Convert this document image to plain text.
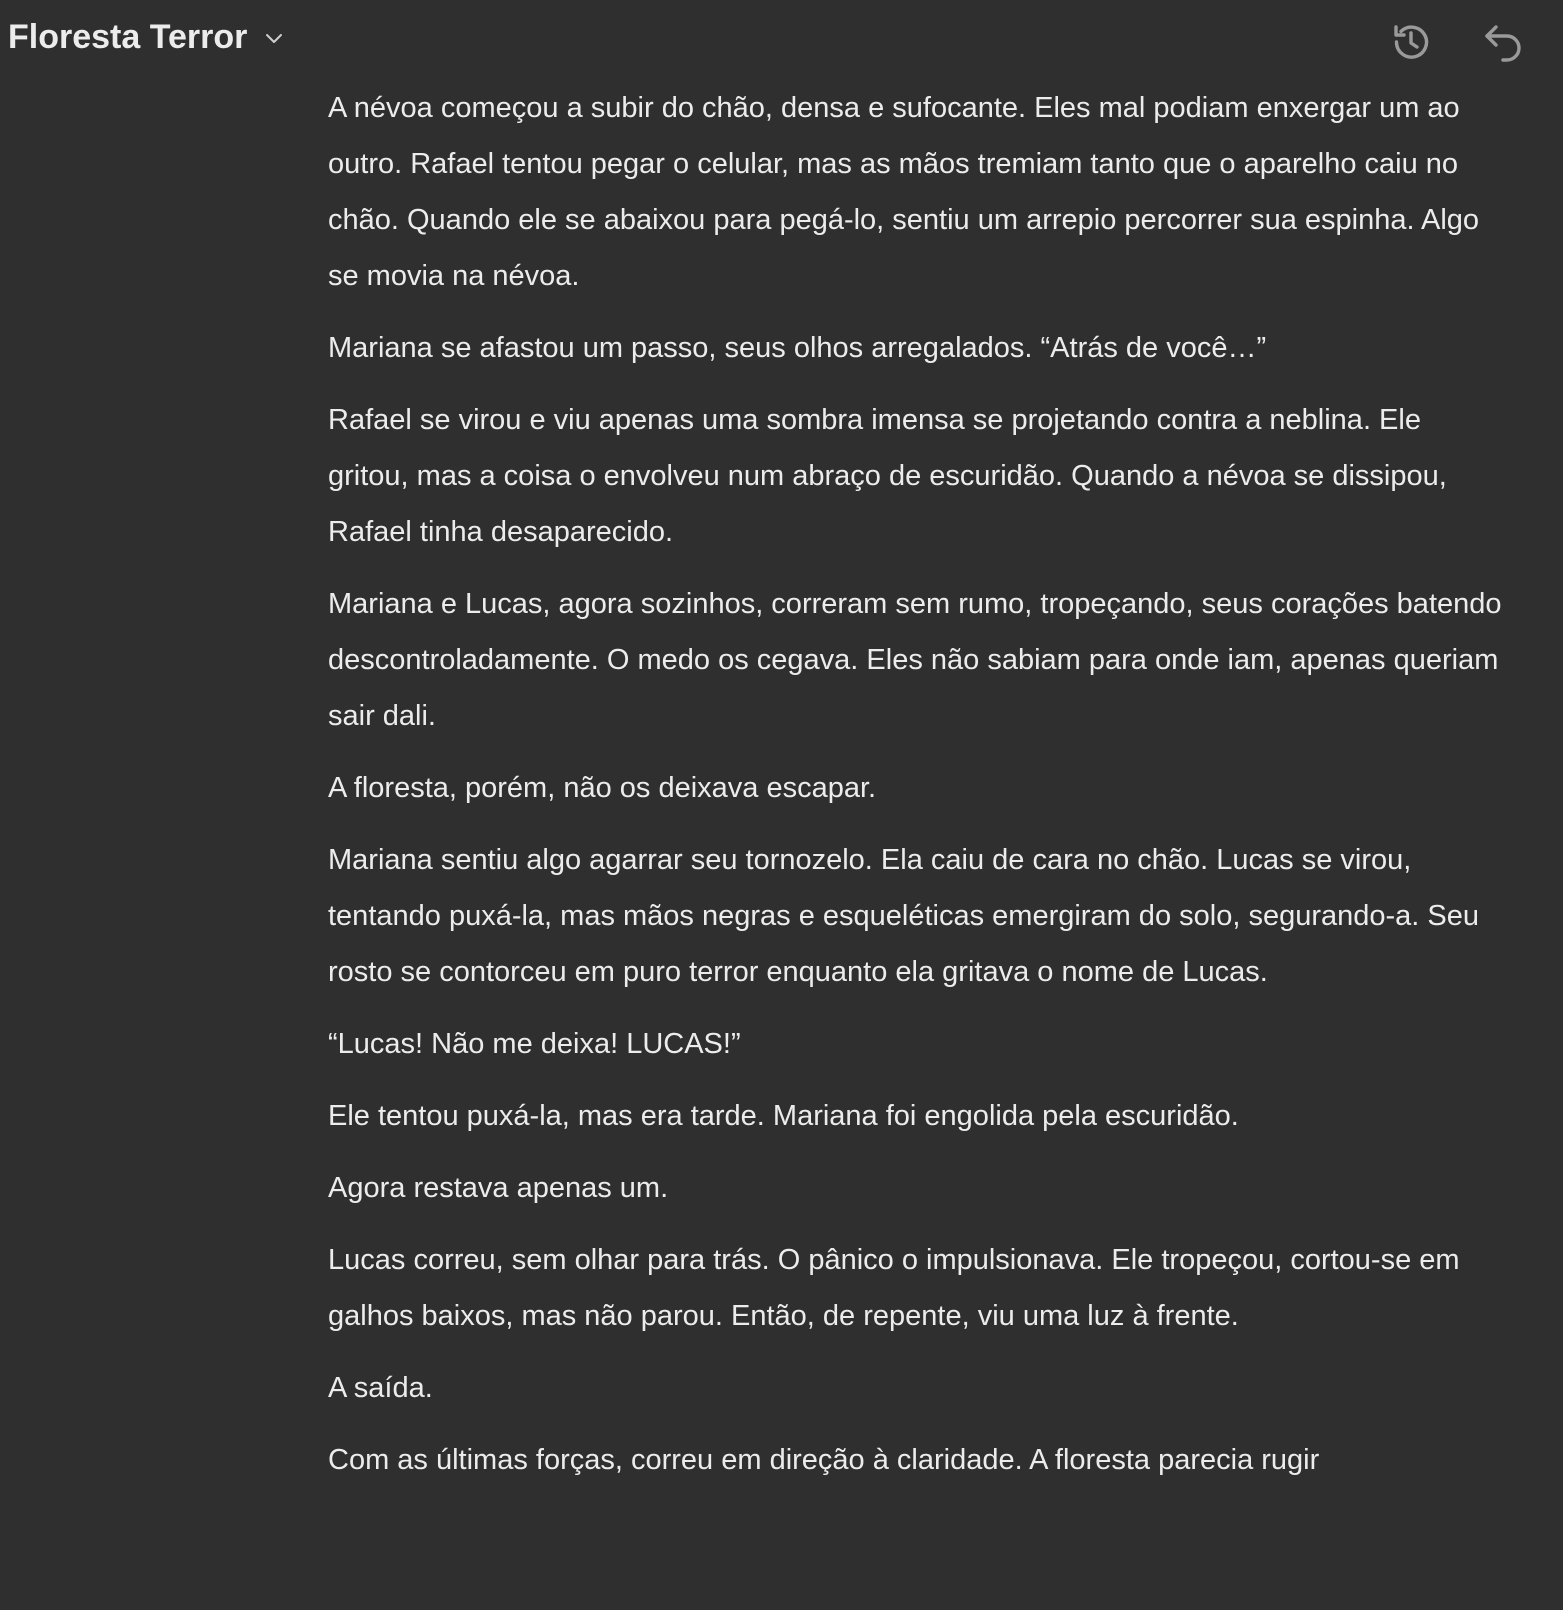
Floresta Terror

A névoa começou a subir do chão, densa e sufocante. Eles mal podiam enxergar um ao outro. Rafael tentou pegar o celular, mas as mãos tremiam tanto que o aparelho caiu no chão. Quando ele se abaixou para pegá-lo, sentiu um arrepio percorrer sua espinha. Algo se movia na névoa.

Mariana se afastou um passo, seus olhos arregalados. “Atrás de você…”

Rafael se virou e viu apenas uma sombra imensa se projetando contra a neblina. Ele gritou, mas a coisa o envolveu num abraço de escuridão. Quando a névoa se dissipou, Rafael tinha desaparecido.

Mariana e Lucas, agora sozinhos, correram sem rumo, tropeçando, seus corações batendo descontroladamente. O medo os cegava. Eles não sabiam para onde iam, apenas queriam sair dali.

A floresta, porém, não os deixava escapar.

Mariana sentiu algo agarrar seu tornozelo. Ela caiu de cara no chão. Lucas se virou, tentando puxá-la, mas mãos negras e esqueléticas emergiram do solo, segurando-a. Seu rosto se contorceu em puro terror enquanto ela gritava o nome de Lucas.

“Lucas! Não me deixa! LUCAS!”

Ele tentou puxá-la, mas era tarde. Mariana foi engolida pela escuridão.

Agora restava apenas um.

Lucas correu, sem olhar para trás. O pânico o impulsionava. Ele tropeçou, cortou-se em galhos baixos, mas não parou. Então, de repente, viu uma luz à frente.

A saída.

Com as últimas forças, correu em direção à claridade. A floresta parecia rugir
